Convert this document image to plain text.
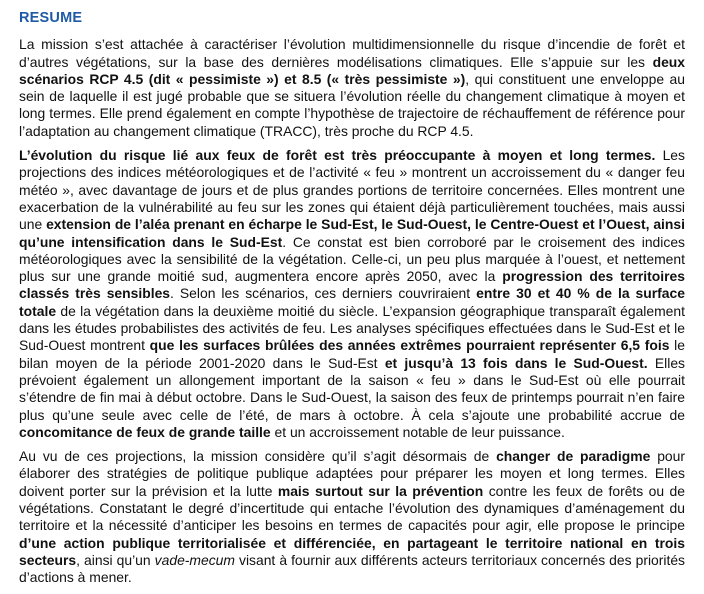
RESUME

La mission s’est attachée à caractériser l’évolution multidimensionnelle du risque d’incendie de forêt et d’autres végétations, sur la base des dernières modélisations climatiques. Elle s’appuie sur les deux scénarios RCP 4.5 (dit « pessimiste ») et 8.5 (« très pessimiste »), qui constituent une enveloppe au sein de laquelle il est jugé probable que se situera l’évolution réelle du changement climatique à moyen et long termes. Elle prend également en compte l’hypothèse de trajectoire de réchauffement de référence pour l’adaptation au changement climatique (TRACC), très proche du RCP 4.5.

L’évolution du risque lié aux feux de forêt est très préoccupante à moyen et long termes. Les projections des indices météorologiques et de l’activité « feu » montrent un accroissement du « danger feu météo », avec davantage de jours et de plus grandes portions de territoire concernées. Elles montrent une exacerbation de la vulnérabilité au feu sur les zones qui étaient déjà particulièrement touchées, mais aussi une extension de l’aléa prenant en écharpe le Sud-Est, le Sud-Ouest, le Centre-Ouest et l’Ouest, ainsi qu’une intensification dans le Sud-Est. Ce constat est bien corroboré par le croisement des indices météorologiques avec la sensibilité de la végétation. Celle-ci, un peu plus marquée à l’ouest, et nettement plus sur une grande moitié sud, augmentera encore après 2050, avec la progression des territoires classés très sensibles. Selon les scénarios, ces derniers couvriraient entre 30 et 40 % de la surface totale de la végétation dans la deuxième moitié du siècle. L’expansion géographique transparaît également dans les études probabilistes des activités de feu. Les analyses spécifiques effectuées dans le Sud-Est et le Sud-Ouest montrent que les surfaces brûlées des années extrêmes pourraient représenter 6,5 fois le bilan moyen de la période 2001-2020 dans le Sud-Est et jusqu’à 13 fois dans le Sud-Ouest. Elles prévoient également un allongement important de la saison « feu » dans le Sud-Est où elle pourrait s’étendre de fin mai à début octobre. Dans le Sud-Ouest, la saison des feux de printemps pourrait n’en faire plus qu’une seule avec celle de l’été, de mars à octobre. À cela s’ajoute une probabilité accrue de concomitance de feux de grande taille et un accroissement notable de leur puissance.

Au vu de ces projections, la mission considère qu’il s’agit désormais de changer de paradigme pour élaborer des stratégies de politique publique adaptées pour préparer les moyen et long termes. Elles doivent porter sur la prévision et la lutte mais surtout sur la prévention contre les feux de forêts ou de végétations. Constatant le degré d’incertitude qui entache l’évolution des dynamiques d’aménagement du territoire et la nécessité d’anticiper les besoins en termes de capacités pour agir, elle propose le principe d’une action publique territorialisée et différenciée, en partageant le territoire national en trois secteurs, ainsi qu’un vade-mecum visant à fournir aux différents acteurs territoriaux concernés des priorités d’actions à mener.
